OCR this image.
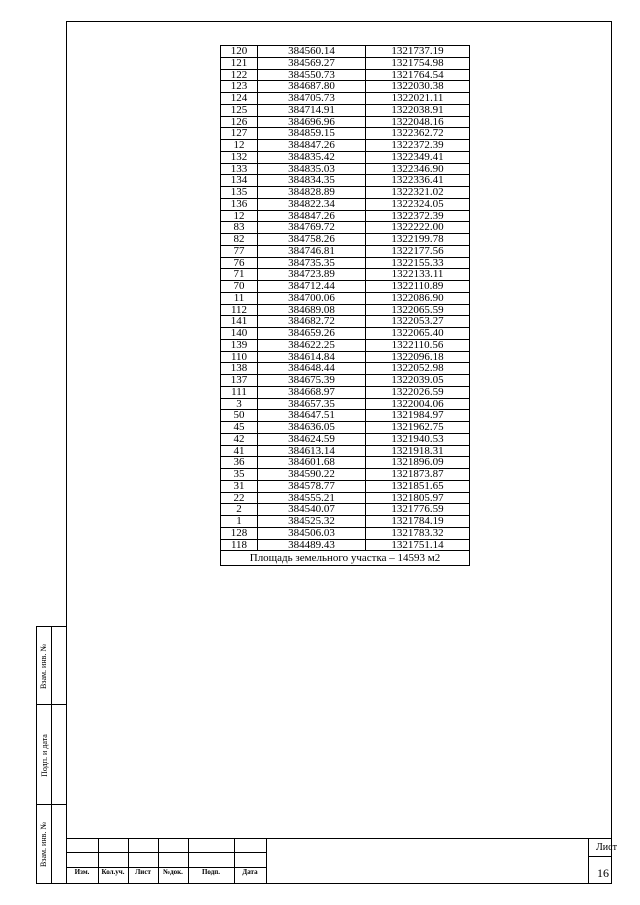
Взам. инв. №
Подп. и дата
Взам. инв. №
120	384560.14	1321737.19
121	384569.27	1321754.98
122	384550.73	1321764.54
123	384687.80	1322030.38
124	384705.73	1322021.11
125	384714.91	1322038.91
126	384696.96	1322048.16
127	384859.15	1322362.72
12	384847.26	1322372.39
132	384835.42	1322349.41
133	384835.03	1322346.90
134	384834.35	1322336.41
135	384828.89	1322321.02
136	384822.34	1322324.05
12	384847.26	1322372.39
83	384769.72	1322222.00
82	384758.26	1322199.78
77	384746.81	1322177.56
76	384735.35	1322155.33
71	384723.89	1322133.11
70	384712.44	1322110.89
11	384700.06	1322086.90
112	384689.08	1322065.59
141	384682.72	1322053.27
140	384659.26	1322065.40
139	384622.25	1322110.56
110	384614.84	1322096.18
138	384648.44	1322052.98
137	384675.39	1322039.05
111	384668.97	1322026.59
3	384657.35	1322004.06
50	384647.51	1321984.97
45	384636.05	1321962.75
42	384624.59	1321940.53
41	384613.14	1321918.31
36	384601.68	1321896.09
35	384590.22	1321873.87
31	384578.77	1321851.65
22	384555.21	1321805.97
2	384540.07	1321776.59
1	384525.32	1321784.19
128	384506.03	1321783.32
118	384489.43	1321751.14
Площадь земельного участка – 14593 м2		
Изм.	Кол.уч.	Лист	№док.	Подп.	Дата
Лист
16
